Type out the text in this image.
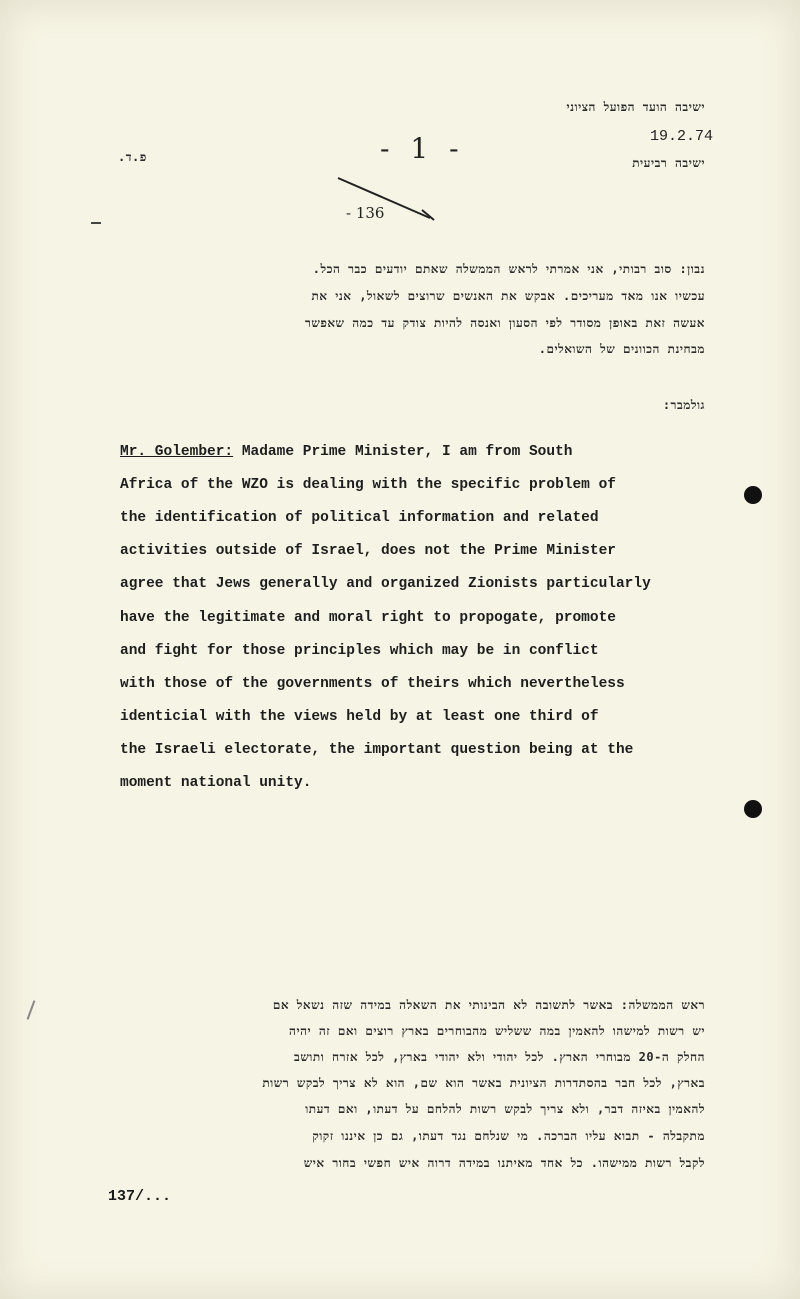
ישיבה הועד הפועל הציוני
19.2.74
ישיבה רביעית
פ.ד.	- 1 -
- 136
נבון: סוב רבותי, אני אמרתי לראש הממשלה שאתם יודעים כבר הכל.
עכשיו אנו מאד מעריכים. אבקש את האנשים שרוצים לשאול, אני את
אעשה זאת באופן מסודר לפי הסעון ואנסה להיות צודק עד כמה שאפשר
מבחינת הכוונים של השואלים.
גולמבר:
Mr. Golember: Madame Prime Minister, I am from South
Africa of the WZO is dealing with the specific problem of
the identification of political information and related
activities outside of Israel, does not the Prime Minister
agree that Jews generally and organized Zionists particularly
have the legitimate and moral right to propogate, promote
and fight for those principles which may be in conflict
with those of the governments of theirs which nevertheless
identicial with the views held by at least one third of
the Israeli electorate, the important question being at the
moment national unity.
ראש הממשלה: באשר לתשובה לא הבינותי את השאלה במידה שזה נשאל אם
יש רשות למישהו להאמין במה ששליש מהבוחרים בארץ רוצים ואם זה יהיה
החלק ה-20 מבוחרי הארץ. לכל יהודי ולא יהודי בארץ, לכל אזרח ותושב
בארץ, לכל חבר בהסתדרות הציונית באשר הוא שם, הוא לא צריך לבקש רשות
להאמין באיזה דבר, ולא צריך לבקש רשות להלחם על דעתו, ואם דעתו
מתקבלה - תבוא עליו הברכה. מי שנלחם נגד דעתו, גם כן איננו זקוק
לקבל רשות ממישהו. כל אחד מאיתנו במידה דרוה איש חפשי בחור איש
137/...
